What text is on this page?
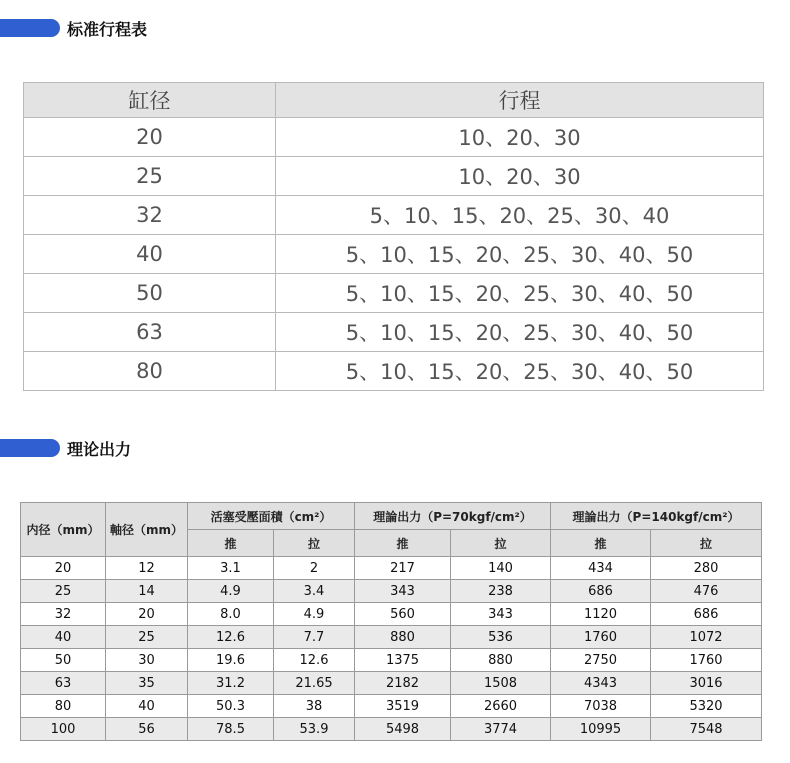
标准行程表
缸径	行程
20	10、20、30
25	10、20、30
32	5、10、15、20、25、30、40
40	5、10、15、20、25、30、40、50
50	5、10、15、20、25、30、40、50
63	5、10、15、20、25、30、40、50
80	5、10、15、20、25、30、40、50
理论出力
内径（mm）	軸径（mm）	活塞受壓面積（cm²）		理論出力（P=70kgf/cm²）		理論出力（P=140kgf/cm²）	
		推	拉	推	拉	推	拉
20	12	3.1	2	217	140	434	280
25	14	4.9	3.4	343	238	686	476
32	20	8.0	4.9	560	343	1120	686
40	25	12.6	7.7	880	536	1760	1072
50	30	19.6	12.6	1375	880	2750	1760
63	35	31.2	21.65	2182	1508	4343	3016
80	40	50.3	38	3519	2660	7038	5320
100	56	78.5	53.9	5498	3774	10995	7548
